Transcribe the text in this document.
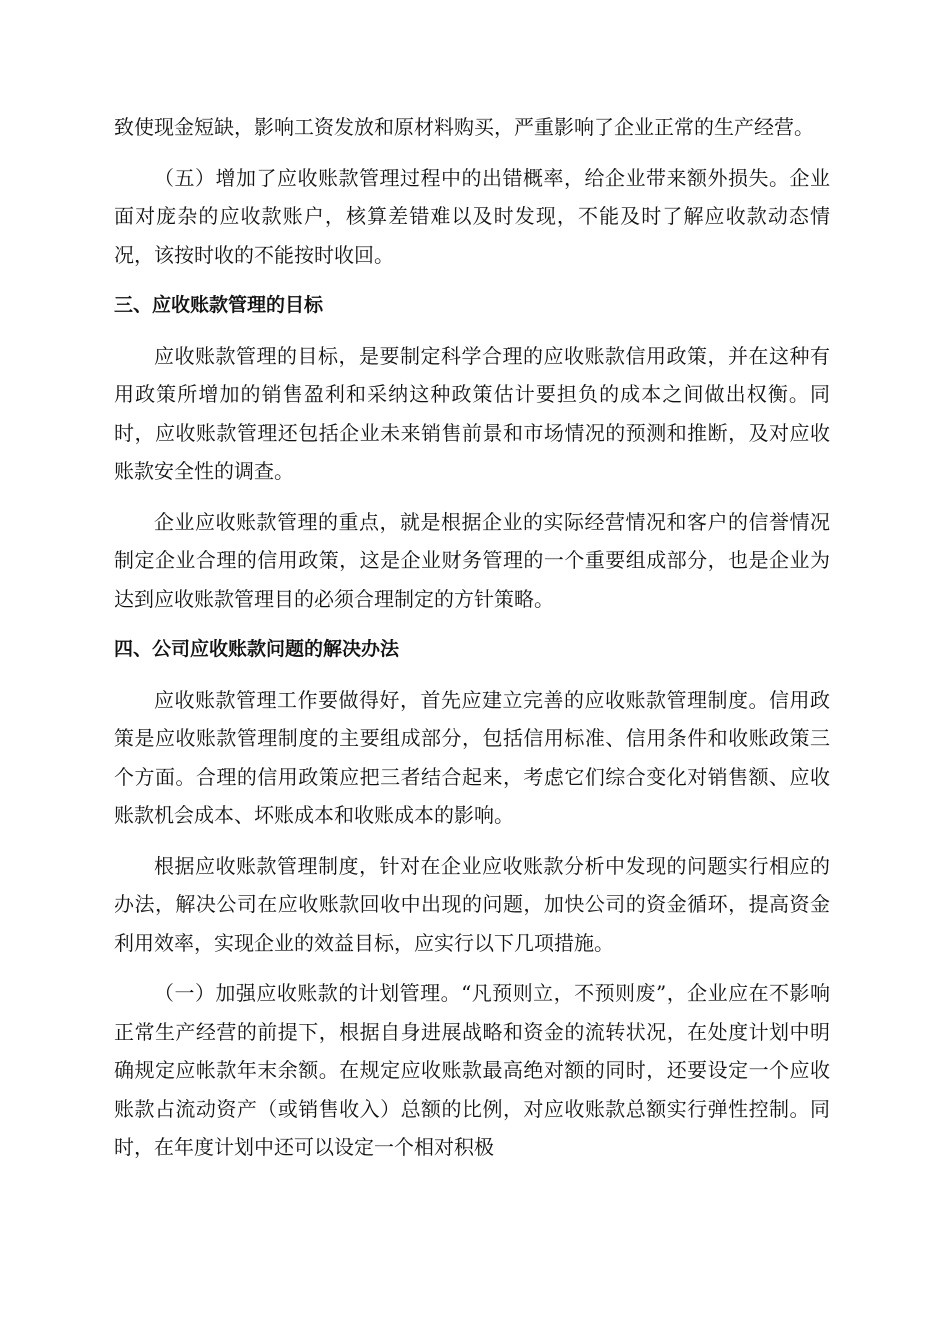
致使现金短缺，影响工资发放和原材料购买，严重影响了企业正常的生产经营。

（五）增加了应收账款管理过程中的出错概率，给企业带来额外损失。企业面对庞杂的应收款账户，核算差错难以及时发现，不能及时了解应收款动态情况，该按时收的不能按时收回。

三、应收账款管理的目标

应收账款管理的目标，是要制定科学合理的应收账款信用政策，并在这种有用政策所增加的销售盈利和采纳这种政策估计要担负的成本之间做出权衡。同时，应收账款管理还包括企业未来销售前景和市场情况的预测和推断，及对应收账款安全性的调查。

企业应收账款管理的重点，就是根据企业的实际经营情况和客户的信誉情况制定企业合理的信用政策，这是企业财务管理的一个重要组成部分，也是企业为达到应收账款管理目的必须合理制定的方针策略。

四、公司应收账款问题的解决办法

应收账款管理工作要做得好，首先应建立完善的应收账款管理制度。信用政策是应收账款管理制度的主要组成部分，包括信用标准、信用条件和收账政策三个方面。合理的信用政策应把三者结合起来，考虑它们综合变化对销售额、应收账款机会成本、坏账成本和收账成本的影响。

根据应收账款管理制度，针对在企业应收账款分析中发现的问题实行相应的办法，解决公司在应收账款回收中出现的问题，加快公司的资金循环，提高资金利用效率，实现企业的效益目标，应实行以下几项措施。

（一）加强应收账款的计划管理。“凡预则立，不预则废”，企业应在不影响正常生产经营的前提下，根据自身进展战略和资金的流转状况，在处度计划中明确规定应帐款年末余额。在规定应收账款最高绝对额的同时，还要设定一个应收账款占流动资产（或销售收入）总额的比例，对应收账款总额实行弹性控制。同时，在年度计划中还可以设定一个相对积极
